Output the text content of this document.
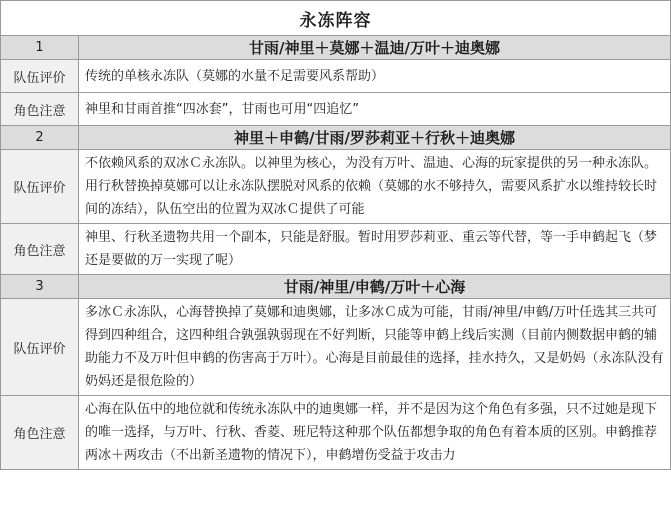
永冻阵容	
1	甘雨/神里＋莫娜＋温迪/万叶＋迪奥娜
队伍评价	传统的单核永冻队（莫娜的水量不足需要风系帮助）
角色注意	神里和甘雨首推“四冰套”，甘雨也可用“四追忆”
2	神里＋申鹤/甘雨/罗莎莉亚＋行秋＋迪奥娜
队伍评价	不依赖风系的双冰Ｃ永冻队。以神里为核心，为没有万叶、温迪、心海的玩家提供的另一种永冻队。用行秋替换掉莫娜可以让永冻队摆脱对风系的依赖（莫娜的水不够持久，需要风系扩水以维持较长时间的冻结），队伍空出的位置为双冰Ｃ提供了可能
角色注意	神里、行秋圣遗物共用一个副本，只能是舒服。暂时用罗莎莉亚、重云等代替，等一手申鹤起飞（梦还是要做的万一实现了呢）
3	甘雨/神里/申鹤/万叶＋心海
队伍评价	多冰Ｃ永冻队，心海替换掉了莫娜和迪奥娜，让多冰Ｃ成为可能，甘雨/神里/申鹤/万叶任选其三共可得到四种组合，这四种组合孰强孰弱现在不好判断，只能等申鹤上线后实测（目前内侧数据申鹤的辅助能力不及万叶但申鹤的伤害高于万叶）。心海是目前最佳的选择，挂水持久，又是奶妈（永冻队没有奶妈还是很危险的）
角色注意	心海在队伍中的地位就和传统永冻队中的迪奥娜一样，并不是因为这个角色有多强，只不过她是现下的唯一选择，与万叶、行秋、香菱、班尼特这种那个队伍都想争取的角色有着本质的区别。申鹤推荐两冰＋两攻击（不出新圣遗物的情况下），申鹤增伤受益于攻击力
